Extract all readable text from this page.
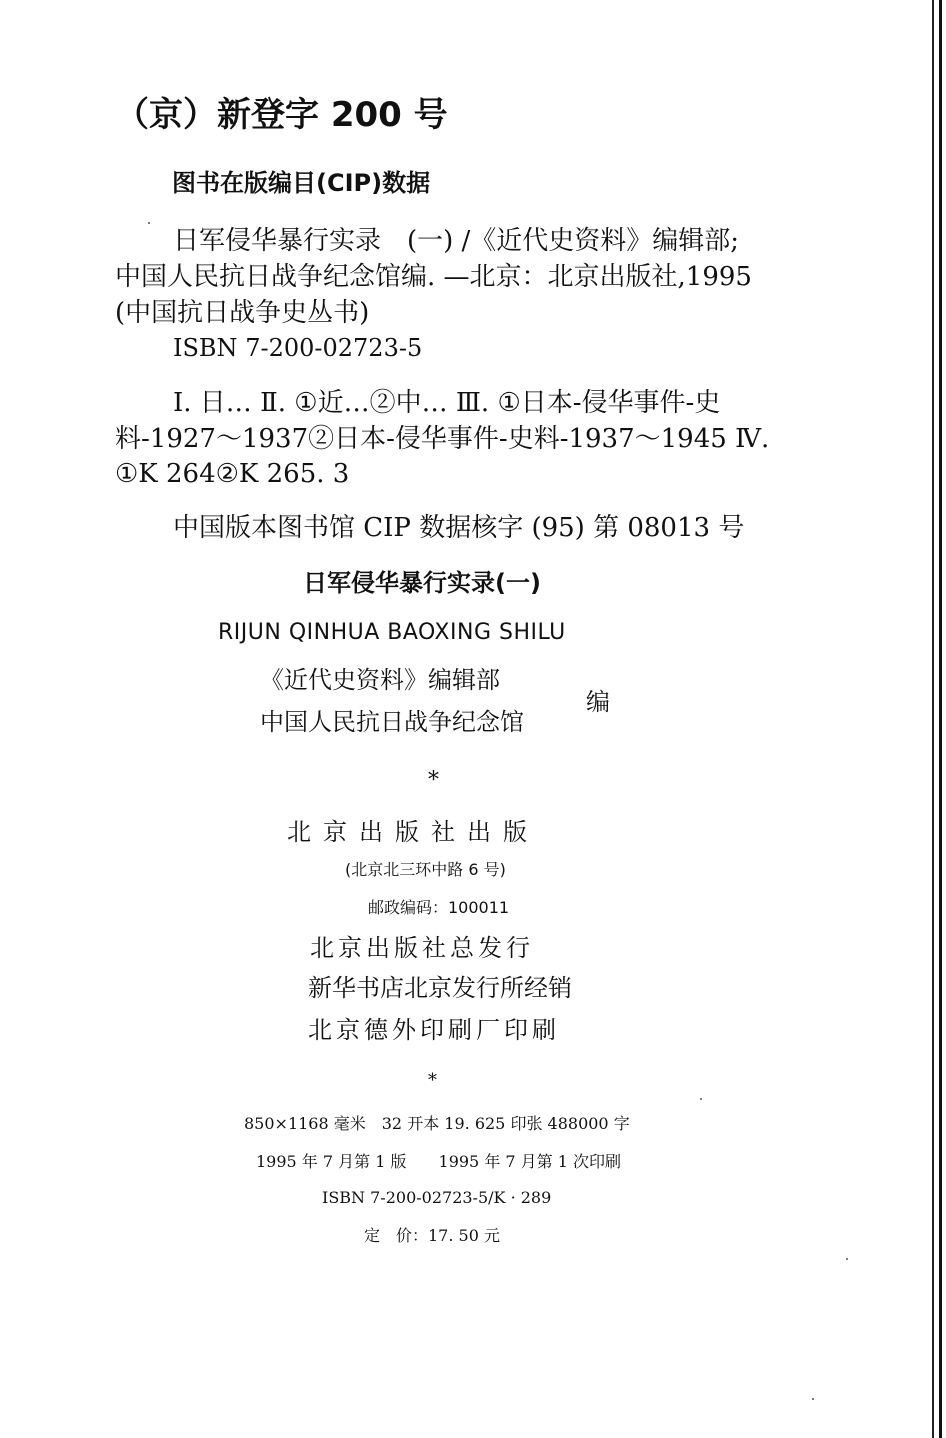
（京）新登字 200 号
图书在版编目(CIP)数据
日军侵华暴行实录　(一) /《近代史资料》编辑部;
中国人民抗日战争纪念馆编. —北京：北京出版社,1995
(中国抗日战争史丛书)
ISBN 7-200-02723-5
Ⅰ. 日… Ⅱ. ①近…②中… Ⅲ. ①日本-侵华事件-史
料-1927～1937②日本-侵华事件-史料-1937～1945 Ⅳ.
①K 264②K 265. 3
中国版本图书馆 CIP 数据核字 (95) 第 08013 号
日军侵华暴行实录(一)
RIJUN QINHUA BAOXING SHILU
《近代史资料》编辑部
中国人民抗日战争纪念馆
编
*
北京出版社出版
(北京北三环中路 6 号)
邮政编码：100011
北京出版社总发行
新华书店北京发行所经销
北京德外印刷厂印刷
*
850×1168 毫米　32 开本 19. 625 印张 488000 字
1995 年 7 月第 1 版　　1995 年 7 月第 1 次印刷
ISBN 7-200-02723-5/K · 289
定　价：17. 50 元
